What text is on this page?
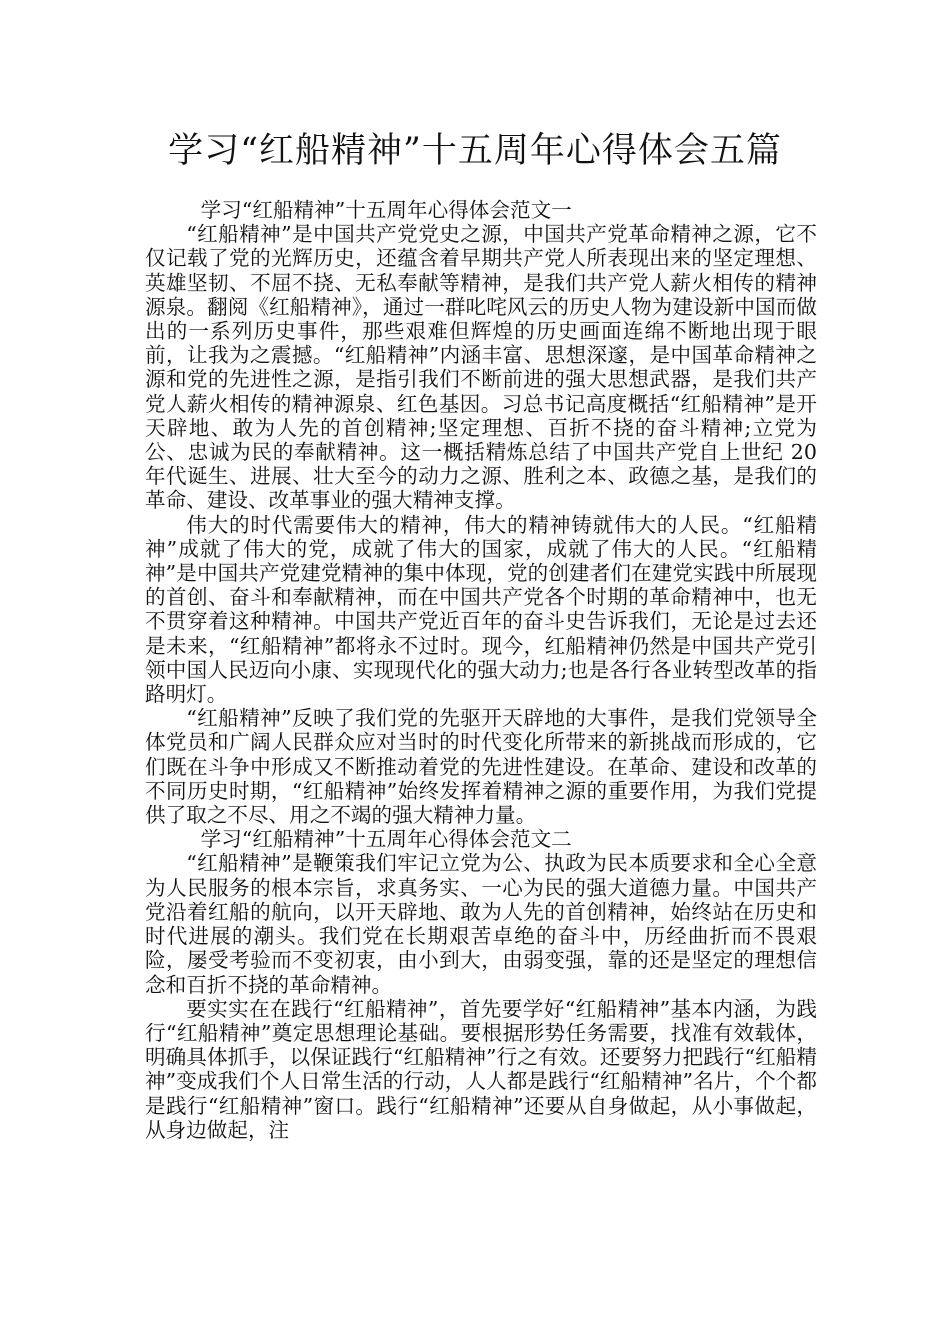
学习“红船精神”十五周年心得体会五篇

学习“红船精神”十五周年心得体会范文一

“红船精神”是中国共产党党史之源，中国共产党革命精神之源，它不仅记载了党的光辉历史，还蕴含着早期共产党人所表现出来的坚定理想、英雄坚韧、不屈不挠、无私奉献等精神，是我们共产党人薪火相传的精神源泉。翻阅《红船精神》，通过一群叱咤风云的历史人物为建设新中国而做出的一系列历史事件，那些艰难但辉煌的历史画面连绵不断地出现于眼前，让我为之震撼。“红船精神”内涵丰富、思想深邃，是中国革命精神之源和党的先进性之源，是指引我们不断前进的强大思想武器，是我们共产党人薪火相传的精神源泉、红色基因。习总书记高度概括“红船精神”是开天辟地、敢为人先的首创精神;坚定理想、百折不挠的奋斗精神;立党为公、忠诚为民的奉献精神。这一概括精炼总结了中国共产党自上世纪 20 年代诞生、进展、壮大至今的动力之源、胜利之本、政德之基，是我们的革命、建设、改革事业的强大精神支撑。

伟大的时代需要伟大的精神，伟大的精神铸就伟大的人民。“红船精神”成就了伟大的党，成就了伟大的国家，成就了伟大的人民。“红船精神”是中国共产党建党精神的集中体现，党的创建者们在建党实践中所展现的首创、奋斗和奉献精神，而在中国共产党各个时期的革命精神中，也无不贯穿着这种精神。中国共产党近百年的奋斗史告诉我们，无论是过去还是未来，“红船精神”都将永不过时。现今，红船精神仍然是中国共产党引领中国人民迈向小康、实现现代化的强大动力;也是各行各业转型改革的指路明灯。

“红船精神”反映了我们党的先驱开天辟地的大事件，是我们党领导全体党员和广阔人民群众应对当时的时代变化所带来的新挑战而形成的，它们既在斗争中形成又不断推动着党的先进性建设。在革命、建设和改革的不同历史时期，“红船精神”始终发挥着精神之源的重要作用，为我们党提供了取之不尽、用之不竭的强大精神力量。

学习“红船精神”十五周年心得体会范文二

“红船精神”是鞭策我们牢记立党为公、执政为民本质要求和全心全意为人民服务的根本宗旨，求真务实、一心为民的强大道德力量。中国共产党沿着红船的航向，以开天辟地、敢为人先的首创精神，始终站在历史和时代进展的潮头。我们党在长期艰苦卓绝的奋斗中，历经曲折而不畏艰险，屡受考验而不变初衷，由小到大，由弱变强，靠的还是坚定的理想信念和百折不挠的革命精神。

要实实在在践行“红船精神”，首先要学好“红船精神”基本内涵，为践行“红船精神”奠定思想理论基础。要根据形势任务需要，找准有效载体，明确具体抓手，以保证践行“红船精神”行之有效。还要努力把践行“红船精神”变成我们个人日常生活的行动，人人都是践行“红船精神”名片，个个都是践行“红船精神”窗口。践行“红船精神”还要从自身做起，从小事做起，从身边做起，注
